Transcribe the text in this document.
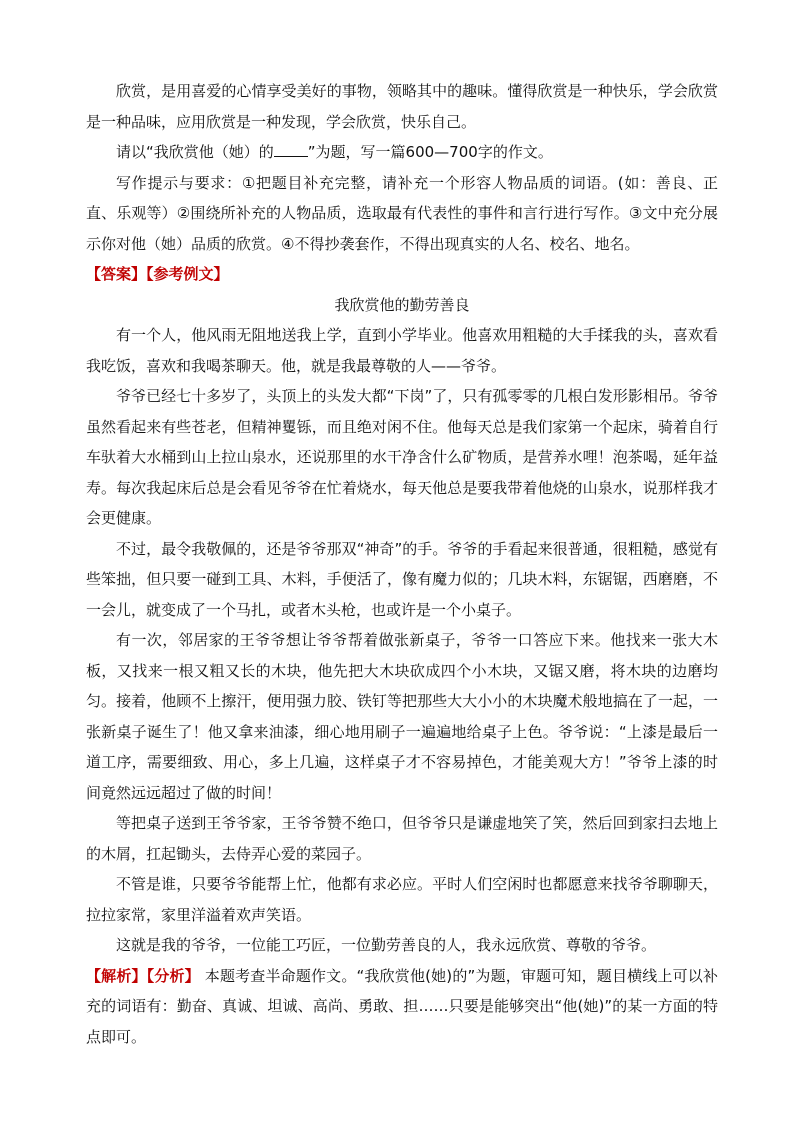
欣赏，是用喜爱的心情享受美好的事物，领略其中的趣味。懂得欣赏是一种快乐，学会欣赏是一种品味，应用欣赏是一种发现，学会欣赏，快乐自己。

请以“我欣赏他（她）的 ”为题，写一篇600—700字的作文。

写作提示与要求：①把题目补充完整，请补充一个形容人物品质的词语。(如：善良、正直、乐观等）②围绕所补充的人物品质，选取最有代表性的事件和言行进行写作。③文中充分展示你对他（她）品质的欣赏。④不得抄袭套作，不得出现真实的人名、校名、地名。

【答案】【参考例文】

我欣赏他的勤劳善良

有一个人，他风雨无阻地送我上学，直到小学毕业。他喜欢用粗糙的大手揉我的头，喜欢看我吃饭，喜欢和我喝茶聊天。他，就是我最尊敬的人——爷爷。

爷爷已经七十多岁了，头顶上的头发大都“下岗”了，只有孤零零的几根白发形影相吊。爷爷虽然看起来有些苍老，但精神矍铄，而且绝对闲不住。他每天总是我们家第一个起床，骑着自行车驮着大水桶到山上拉山泉水，还说那里的水干净含什么矿物质，是营养水哩！泡茶喝，延年益寿。每次我起床后总是会看见爷爷在忙着烧水，每天他总是要我带着他烧的山泉水，说那样我才会更健康。

不过，最令我敬佩的，还是爷爷那双“神奇”的手。爷爷的手看起来很普通，很粗糙，感觉有些笨拙，但只要一碰到工具、木料，手便活了，像有魔力似的；几块木料，东锯锯，西磨磨，不一会儿，就变成了一个马扎，或者木头枪，也或许是一个小桌子。

有一次，邻居家的王爷爷想让爷爷帮着做张新桌子，爷爷一口答应下来。他找来一张大木板，又找来一根又粗又长的木块，他先把大木块砍成四个小木块，又锯又磨，将木块的边磨均匀。接着，他顾不上擦汗，便用强力胶、铁钉等把那些大大小小的木块魔术般地搞在了一起，一张新桌子诞生了！他又拿来油漆，细心地用刷子一遍遍地给桌子上色。爷爷说：“上漆是最后一道工序，需要细致、用心，多上几遍，这样桌子才不容易掉色，才能美观大方！”爷爷上漆的时间竟然远远超过了做的时间！

等把桌子送到王爷爷家，王爷爷赞不绝口，但爷爷只是谦虚地笑了笑，然后回到家扫去地上的木屑，扛起锄头，去侍弄心爱的菜园子。

不管是谁，只要爷爷能帮上忙，他都有求必应。平时人们空闲时也都愿意来找爷爷聊聊天，拉拉家常，家里洋溢着欢声笑语。

这就是我的爷爷，一位能工巧匠，一位勤劳善良的人，我永远欣赏、尊敬的爷爷。

【解析】【分析】 本题考查半命题作文。“我欣赏他(她)的”为题，审题可知，题目横线上可以补充的词语有：勤奋、真诚、坦诚、高尚、勇敢、担……只要是能够突出“他(她)”的某一方面的特点即可。
